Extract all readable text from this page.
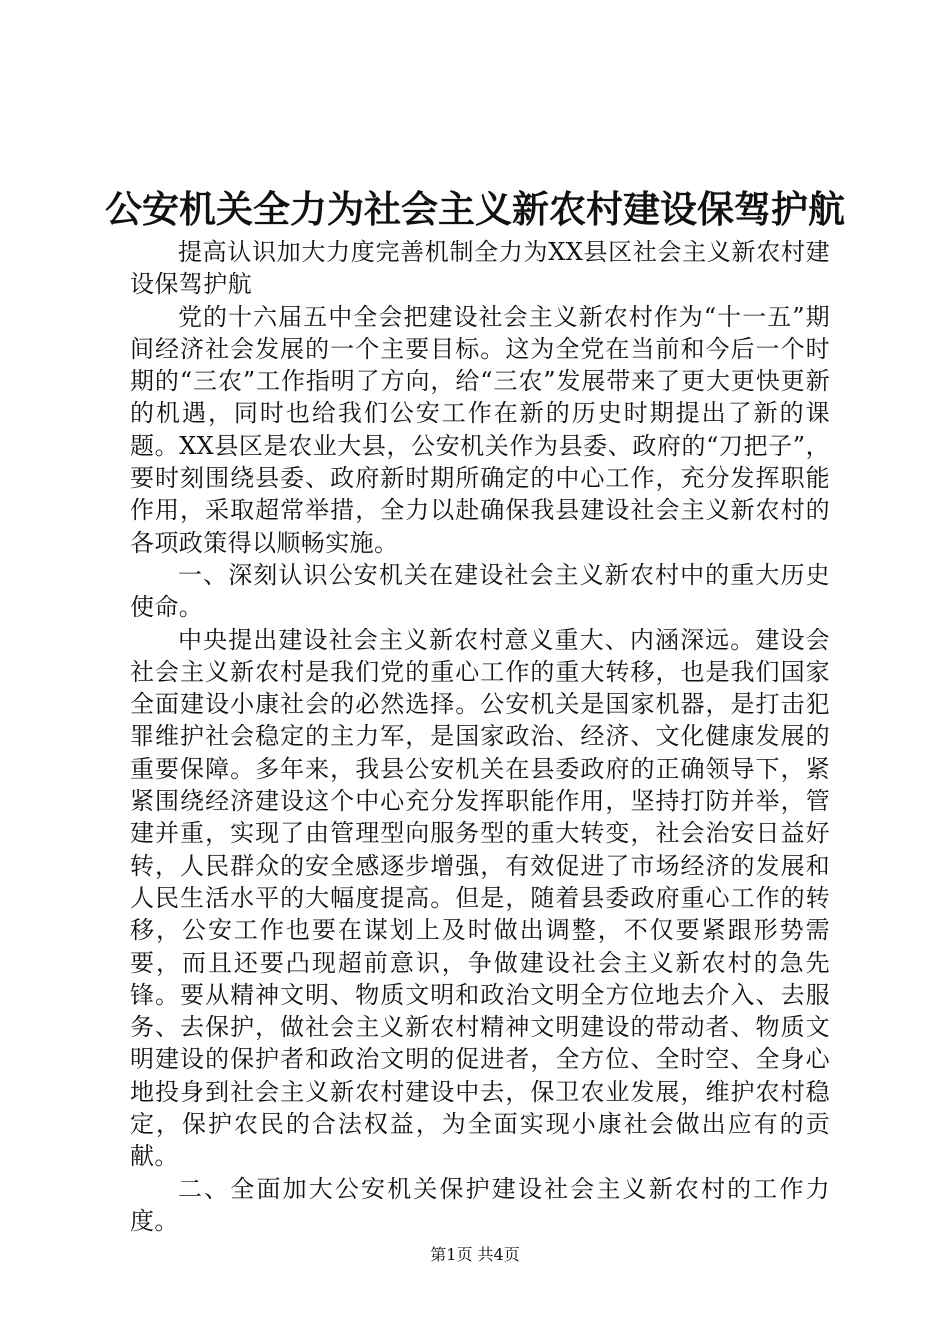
公安机关全力为社会主义新农村建设保驾护航

提高认识加大力度完善机制全力为XX县区社会主义新农村建设保驾护航

党的十六届五中全会把建设社会主义新农村作为“十一五”期间经济社会发展的一个主要目标。这为全党在当前和今后一个时期的“三农”工作指明了方向，给“三农”发展带来了更大更快更新的机遇，同时也给我们公安工作在新的历史时期提出了新的课题。XX县区是农业大县，公安机关作为县委、政府的“刀把子”，要时刻围绕县委、政府新时期所确定的中心工作，充分发挥职能作用，采取超常举措，全力以赴确保我县建设社会主义新农村的各项政策得以顺畅实施。

一、深刻认识公安机关在建设社会主义新农村中的重大历史使命。

中央提出建设社会主义新农村意义重大、内涵深远。建设会社会主义新农村是我们党的重心工作的重大转移，也是我们国家全面建设小康社会的必然选择。公安机关是国家机器，是打击犯罪维护社会稳定的主力军，是国家政治、经济、文化健康发展的重要保障。多年来，我县公安机关在县委政府的正确领导下，紧紧围绕经济建设这个中心充分发挥职能作用，坚持打防并举，管建并重，实现了由管理型向服务型的重大转变，社会治安日益好转，人民群众的安全感逐步增强，有效促进了市场经济的发展和人民生活水平的大幅度提高。但是，随着县委政府重心工作的转移，公安工作也要在谋划上及时做出调整，不仅要紧跟形势需要，而且还要凸现超前意识，争做建设社会主义新农村的急先锋。要从精神文明、物质文明和政治文明全方位地去介入、去服务、去保护，做社会主义新农村精神文明建设的带动者、物质文明建设的保护者和政治文明的促进者，全方位、全时空、全身心地投身到社会主义新农村建设中去，保卫农业发展，维护农村稳定，保护农民的合法权益，为全面实现小康社会做出应有的贡献。

二、全面加大公安机关保护建设社会主义新农村的工作力度。

第1页 共4页
